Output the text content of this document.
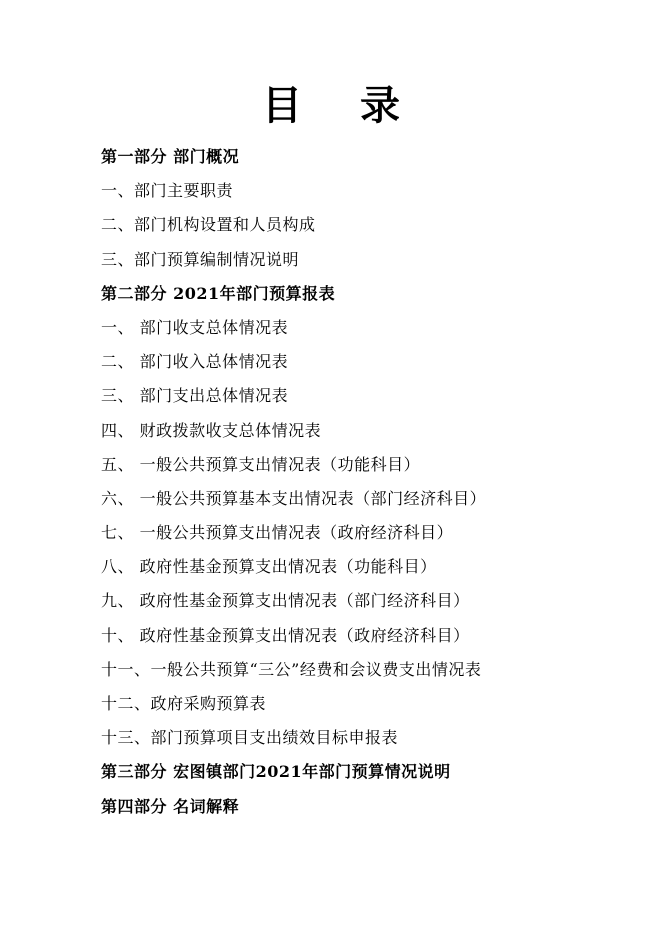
目 录
第一部分 部门概况
一、部门主要职责
二、部门机构设置和人员构成
三、部门预算编制情况说明
第二部分 2021年部门预算报表
一、 部门收支总体情况表
二、 部门收入总体情况表
三、 部门支出总体情况表
四、 财政拨款收支总体情况表
五、 一般公共预算支出情况表（功能科目）
六、 一般公共预算基本支出情况表（部门经济科目）
七、 一般公共预算支出情况表（政府经济科目）
八、 政府性基金预算支出情况表（功能科目）
九、 政府性基金预算支出情况表（部门经济科目）
十、 政府性基金预算支出情况表（政府经济科目）
十一、一般公共预算“三公”经费和会议费支出情况表
十二、政府采购预算表
十三、部门预算项目支出绩效目标申报表
第三部分 宏图镇部门2021年部门预算情况说明
第四部分 名词解释
